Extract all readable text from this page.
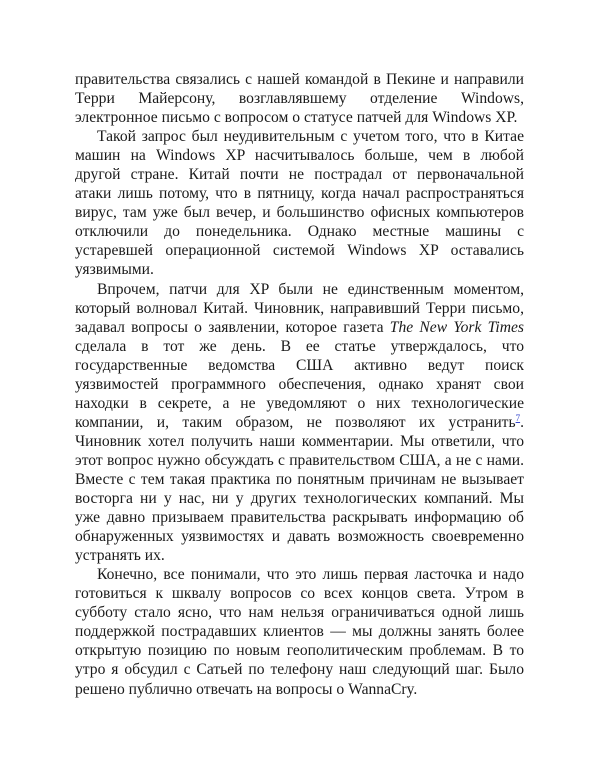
правительства связались с нашей командой в Пекине и направили
Терри Майерсону, возглавлявшему отделение Windows,
электронное письмо с вопросом о статусе патчей для Windows XP.
Такой запрос был неудивительным с учетом того, что в Китае
машин на Windows XP насчитывалось больше, чем в любой
другой стране. Китай почти не пострадал от первоначальной
атаки лишь потому, что в пятницу, когда начал распространяться
вирус, там уже был вечер, и большинство офисных компьютеров
отключили до понедельника. Однако местные машины с
устаревшей операционной системой Windows XP оставались
уязвимыми.
Впрочем, патчи для XP были не единственным моментом,
который волновал Китай. Чиновник, направивший Терри письмо,
задавал вопросы о заявлении, которое газета The New York Times
сделала в тот же день. В ее статье утверждалось, что
государственные ведомства США активно ведут поиск
уязвимостей программного обеспечения, однако хранят свои
находки в секрете, а не уведомляют о них технологические
компании, и, таким образом, не позволяют их устранить$^7$.
Чиновник хотел получить наши комментарии. Мы ответили, что
этот вопрос нужно обсуждать с правительством США, а не с нами.
Вместе с тем такая практика по понятным причинам не вызывает
восторга ни у нас, ни у других технологических компаний. Мы
уже давно призываем правительства раскрывать информацию об
обнаруженных уязвимостях и давать возможность своевременно
устранять их.
Конечно, все понимали, что это лишь первая ласточка и надо
готовиться к шквалу вопросов со всех концов света. Утром в
субботу стало ясно, что нам нельзя ограничиваться одной лишь
поддержкой пострадавших клиентов — мы должны занять более
открытую позицию по новым геополитическим проблемам. В то
утро я обсудил с Сатьей по телефону наш следующий шаг. Было
решено публично отвечать на вопросы о WannaCry.
